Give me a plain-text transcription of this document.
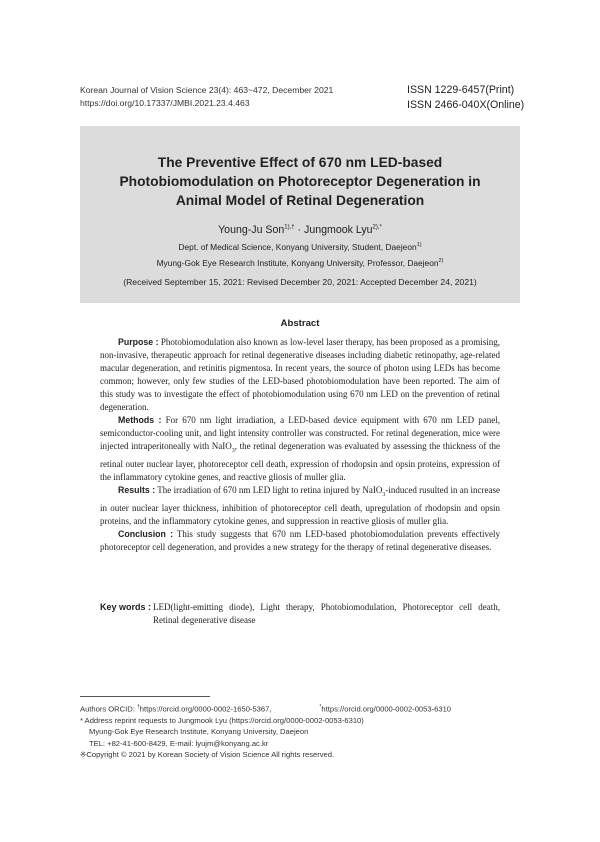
Korean Journal of Vision Science 23(4): 463~472, December 2021
https://doi.org/10.17337/JMBI.2021.23.4.463
ISSN 1229-6457(Print)
ISSN 2466-040X(Online)
The Preventive Effect of 670 nm LED-based
Photobiomodulation on Photoreceptor Degeneration in
Animal Model of Retinal Degeneration
Young-Ju Son$^{1),\dagger}$ · Jungmook Lyu$^{2),*}$
Dept. of Medical Science, Konyang University, Student, Daejeon$^{1)}$
Myung-Gok Eye Research Institute, Konyang University, Professor, Daejeon$^{2)}$
(Received September 15, 2021: Revised December 20, 2021: Accepted December 24, 2021)
Abstract

Purpose : Photobiomodulation also known as low-level laser therapy, has been proposed as a promising, non-invasive, therapeutic approach for retinal degenerative diseases including diabetic retinopathy, age-related macular degeneration, and retinitis pigmentosa. In recent years, the source of photon using LEDs has become common; however, only few studies of the LED-based photobiomodulation have been reported. The aim of this study was to investigate the effect of photobiomodulation using 670 nm LED on the prevention of retinal degeneration.

Methods : For 670 nm light irradiation, a LED-based device equipment with 670 nm LED panel, semiconductor-cooling unit, and light intensity controller was constructed. For retinal degeneration, mice were injected intraperitoneally with NaIO$_3$, the retinal degeneration was evaluated by assessing the thickness of the retinal outer nuclear layer, photoreceptor cell death, expression of rhodopsin and opsin proteins, expression of the inflammatory cytokine genes, and reactive gliosis of muller glia.

Results : The irradiation of 670 nm LED light to retina injured by NaIO$_3$-induced rusulted in an increase in outer nuclear layer thickness, inhibition of photoreceptor cell death, upregulation of rhodopsin and opsin proteins, and the inflammatory cytokine genes, and suppression in reactive gliosis of muller glia.

Conclusion : This study suggests that 670 nm LED-based photobiomodulation prevents effectively photoreceptor cell degeneration, and provides a new strategy for the therapy of retinal degenerative diseases.

Key words : LED(light-emitting diode), Light therapy, Photobiomodulation, Photoreceptor cell death, Retinal degenerative disease
Authors ORCID: †https://orcid.org/0000-0002-1650-5367,	*https://orcid.org/0000-0002-0053-6310
* Address reprint requests to Jungmook Lyu (https://orcid.org/0000-0002-0053-6310)
Myung-Gok Eye Research Institute, Konyang University, Daejeon
TEL: +82-41-600-8429, E-mail: lyujm@konyang.ac.kr
※Copyright © 2021 by Korean Society of Vision Science All rights reserved.
